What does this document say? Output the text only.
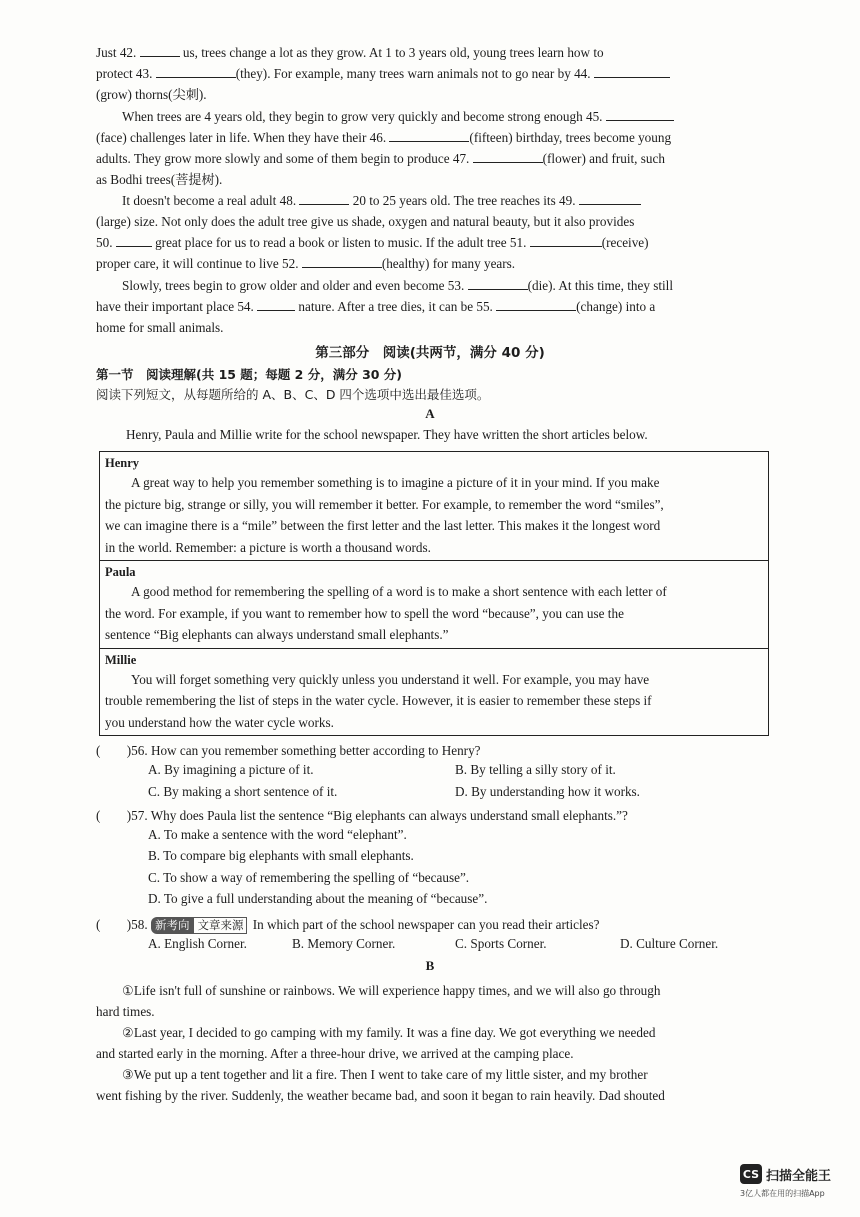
Just 42.	us, trees change a lot as they grow. At 1 to 3 years old, young trees learn how to
protect 43.	(they). For example, many trees warn animals not to go near by 44.
(grow) thorns(尖刺).
When trees are 4 years old, they begin to grow very quickly and become strong enough 45.
(face) challenges later in life. When they have their 46.	(fifteen) birthday, trees become young
adults. They grow more slowly and some of them begin to produce 47.	(flower) and fruit, such
as Bodhi trees(菩提树).
It doesn't become a real adult 48.	20 to 25 years old. The tree reaches its 49.
(large) size. Not only does the adult tree give us shade, oxygen and natural beauty, but it also provides
50.	great place for us to read a book or listen to music. If the adult tree 51.	(receive)
proper care, it will continue to live 52.	(healthy) for many years.
Slowly, trees begin to grow older and older and even become 53.	(die). At this time, they still
have their important place 54.	nature. After a tree dies, it can be 55.	(change) into a
home for small animals.
第三部分　阅读(共两节，满分 40 分)
第一节　阅读理解(共 15 题；每题 2 分，满分 30 分)
阅读下列短文，从每题所给的 A、B、C、D 四个选项中选出最佳选项。
A
Henry, Paula and Millie write for the school newspaper. They have written the short articles below.
Henry

A great way to help you remember something is to imagine a picture of it in your mind. If you make
the picture big, strange or silly, you will remember it better. For example, to remember the word “smiles”,
we can imagine there is a “mile” between the first letter and the last letter. This makes it the longest word
in the world. Remember: a picture is worth a thousand words.

Paula

A good method for remembering the spelling of a word is to make a short sentence with each letter of
the word. For example, if you want to remember how to spell the word “because”, you can use the
sentence “Big elephants can always understand small elephants.”

Millie

You will forget something very quickly unless you understand it well. For example, you may have
trouble remembering the list of steps in the water cycle. However, it is easier to remember these steps if
you understand how the water cycle works.

(　　)56. How can you remember something better according to Henry?
A. By imagining a picture of it.	B. By telling a silly story of it.
C. By making a short sentence of it.	D. By understanding how it works.
(　　)57. Why does Paula list the sentence “Big elephants can always understand small elephants.”?
A. To make a sentence with the word “elephant”.
B. To compare big elephants with small elephants.
C. To show a way of remembering the spelling of “because”.
D. To give a full understanding about the meaning of “because”.
(　　)58. 新考向 文章来源 In which part of the school newspaper can you read their articles?
A. English Corner.	B. Memory Corner.	C. Sports Corner.	D. Culture Corner.
B
①Life isn't full of sunshine or rainbows. We will experience happy times, and we will also go through
hard times.
②Last year, I decided to go camping with my family. It was a fine day. We got everything we needed
and started early in the morning. After a three-hour drive, we arrived at the camping place.
③We put up a tent together and lit a fire. Then I went to take care of my little sister, and my brother
went fishing by the river. Suddenly, the weather became bad, and soon it began to rain heavily. Dad shouted
CS 扫描全能王
3亿人都在用的扫描App
